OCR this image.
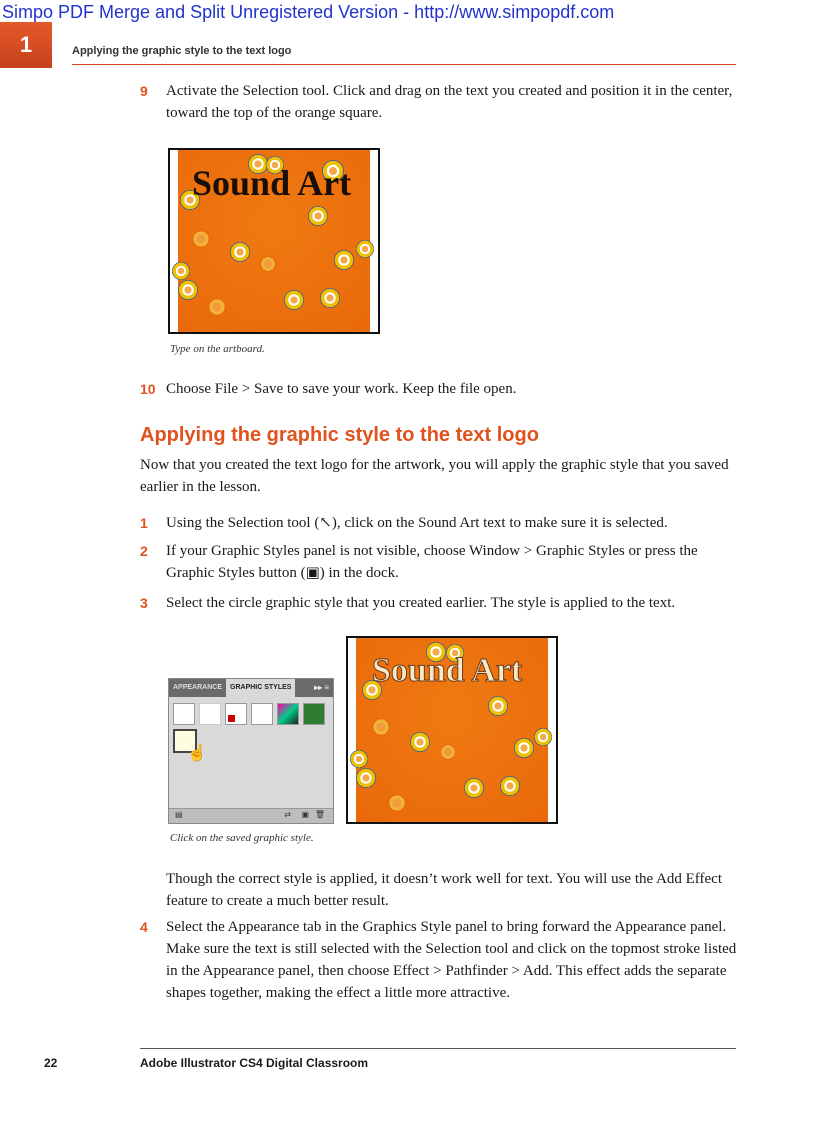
Simpo PDF Merge and Split Unregistered Version - http://www.simpopdf.com
1	Applying the graphic style to the text logo
9 Activate the Selection tool. Click and drag on the text you created and position it in the center, toward the top of the orange square.
Sound Art
Type on the artboard.
10 Choose File > Save to save your work. Keep the file open.
Applying the graphic style to the text logo
Now that you created the text logo for the artwork, you will apply the graphic style that you saved earlier in the lesson.
1 Using the Selection tool (↖), click on the Sound Art text to make sure it is selected.
2 If your Graphic Styles panel is not visible, choose Window > Graphic Styles or press the Graphic Styles button (▣) in the dock.
3 Select the circle graphic style that you created earlier. The style is applied to the text.
APPEARANCE	GRAPHIC STYLES	▸▸ ≡
☝
▤	⇄ ▣ 🗑
Sound Art
Click on the saved graphic style.
Though the correct style is applied, it doesn’t work well for text. You will use the Add Effect feature to create a much better result.
4 Select the Appearance tab in the Graphics Style panel to bring forward the Appearance panel. Make sure the text is still selected with the Selection tool and click on the topmost stroke listed in the Appearance panel, then choose Effect > Pathfinder > Add. This effect adds the separate shapes together, making the effect a little more attractive.
22	Adobe Illustrator CS4 Digital Classroom
